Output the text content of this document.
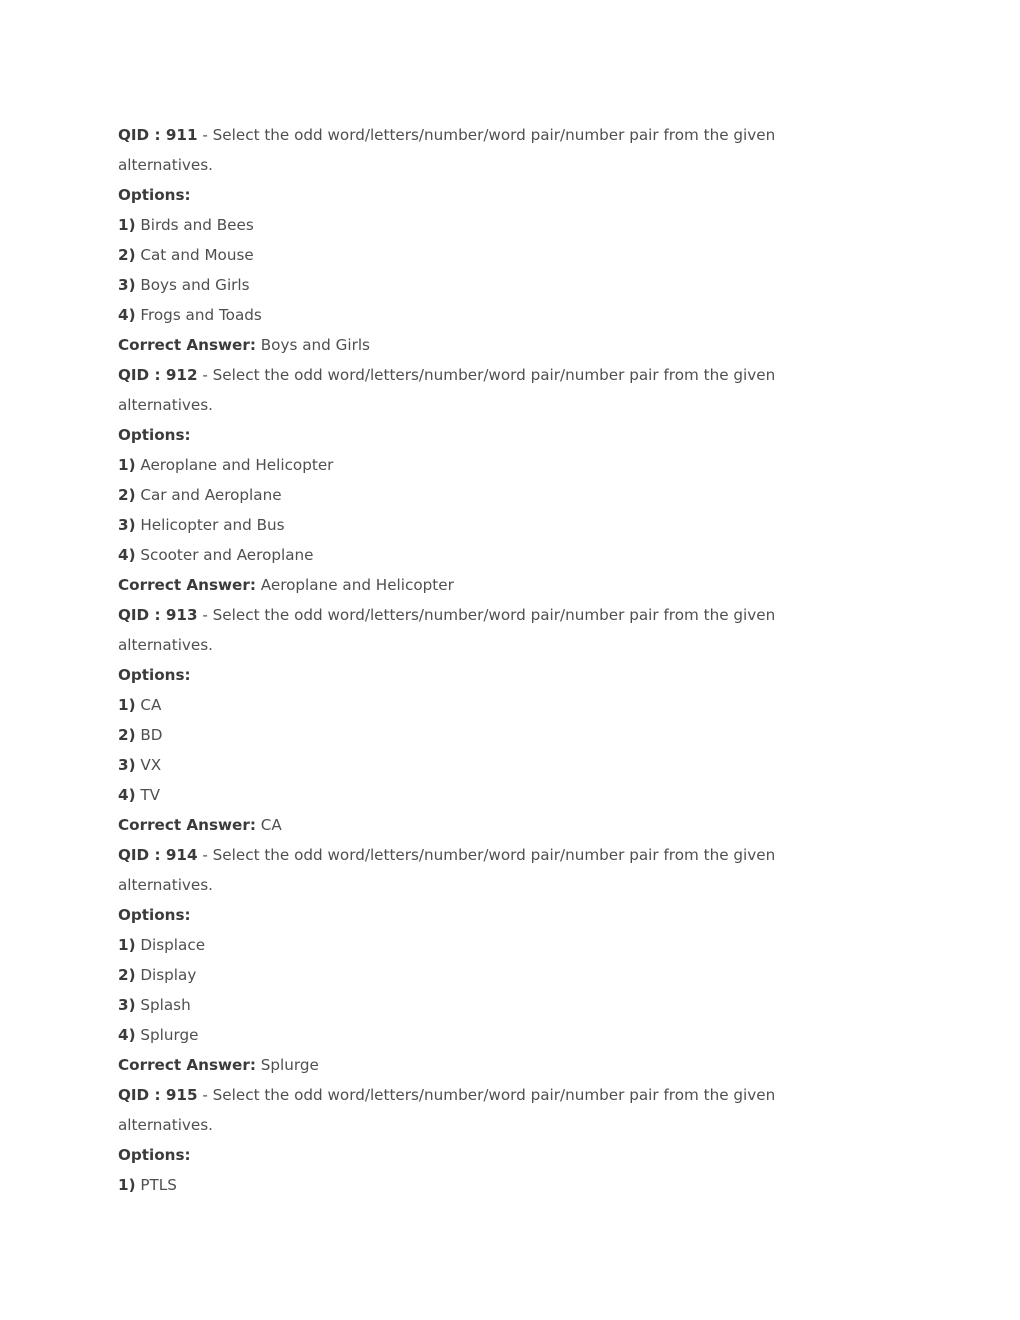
QID : 911 - Select the odd word/letters/number/word pair/number pair from the given alternatives.

Options:

1) Birds and Bees

2) Cat and Mouse

3) Boys and Girls

4) Frogs and Toads

Correct Answer: Boys and Girls

QID : 912 - Select the odd word/letters/number/word pair/number pair from the given alternatives.

Options:

1) Aeroplane and Helicopter

2) Car and Aeroplane

3) Helicopter and Bus

4) Scooter and Aeroplane

Correct Answer: Aeroplane and Helicopter

QID : 913 - Select the odd word/letters/number/word pair/number pair from the given alternatives.

Options:

1) CA

2) BD

3) VX

4) TV

Correct Answer: CA

QID : 914 - Select the odd word/letters/number/word pair/number pair from the given alternatives.

Options:

1) Displace

2) Display

3) Splash

4) Splurge

Correct Answer: Splurge

QID : 915 - Select the odd word/letters/number/word pair/number pair from the given alternatives.

Options:

1) PTLS
